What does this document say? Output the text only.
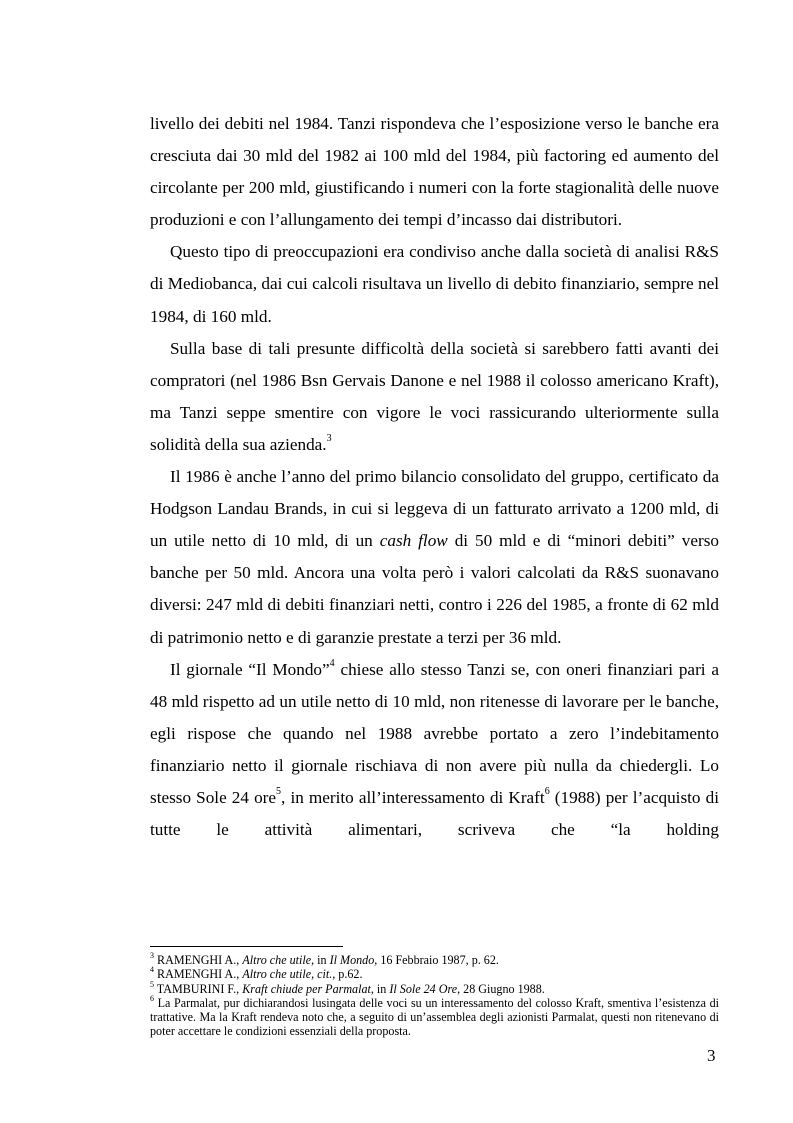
livello dei debiti nel 1984. Tanzi rispondeva che l’esposizione verso le banche era cresciuta dai 30 mld del 1982 ai 100 mld del 1984, più factoring ed aumento del circolante per 200 mld, giustificando i numeri con la forte stagionalità delle nuove produzioni e con l’allungamento dei tempi d’incasso dai distributori.

Questo tipo di preoccupazioni era condiviso anche dalla società di analisi R&S di Mediobanca, dai cui calcoli risultava un livello di debito finanziario, sempre nel 1984, di 160 mld.

Sulla base di tali presunte difficoltà della società si sarebbero fatti avanti dei compratori (nel 1986 Bsn Gervais Danone e nel 1988 il colosso americano Kraft), ma Tanzi seppe smentire con vigore le voci rassicurando ulteriormente sulla solidità della sua azienda.$^3$

Il 1986 è anche l’anno del primo bilancio consolidato del gruppo, certificato da Hodgson Landau Brands, in cui si leggeva di un fatturato arrivato a 1200 mld, di un utile netto di 10 mld, di un cash flow di 50 mld e di “minori debiti” verso banche per 50 mld. Ancora una volta però i valori calcolati da R&S suonavano diversi: 247 mld di debiti finanziari netti, contro i 226 del 1985, a fronte di 62 mld di patrimonio netto e di garanzie prestate a terzi per 36 mld.

Il giornale “Il Mondo”$^4$ chiese allo stesso Tanzi se, con oneri finanziari pari a 48 mld rispetto ad un utile netto di 10 mld, non ritenesse di lavorare per le banche, egli rispose che quando nel 1988 avrebbe portato a zero l’indebitamento finanziario netto il giornale rischiava di non avere più nulla da chiedergli. Lo stesso Sole 24 ore$^5$, in merito all’interessamento di Kraft$^6$ (1988) per l’acquisto di tutte le attività alimentari, scriveva che “la holding

$^3$ RAMENGHI A., Altro che utile, in Il Mondo, 16 Febbraio 1987, p. 62.

$^4$ RAMENGHI A., Altro che utile, cit., p.62.

$^5$ TAMBURINI F., Kraft chiude per Parmalat, in Il Sole 24 Ore, 28 Giugno 1988.

$^6$ La Parmalat, pur dichiarandosi lusingata delle voci su un interessamento del colosso Kraft, smentiva l’esistenza di trattative. Ma la Kraft rendeva noto che, a seguito di un’assemblea degli azionisti Parmalat, questi non ritenevano di poter accettare le condizioni essenziali della proposta.

3
